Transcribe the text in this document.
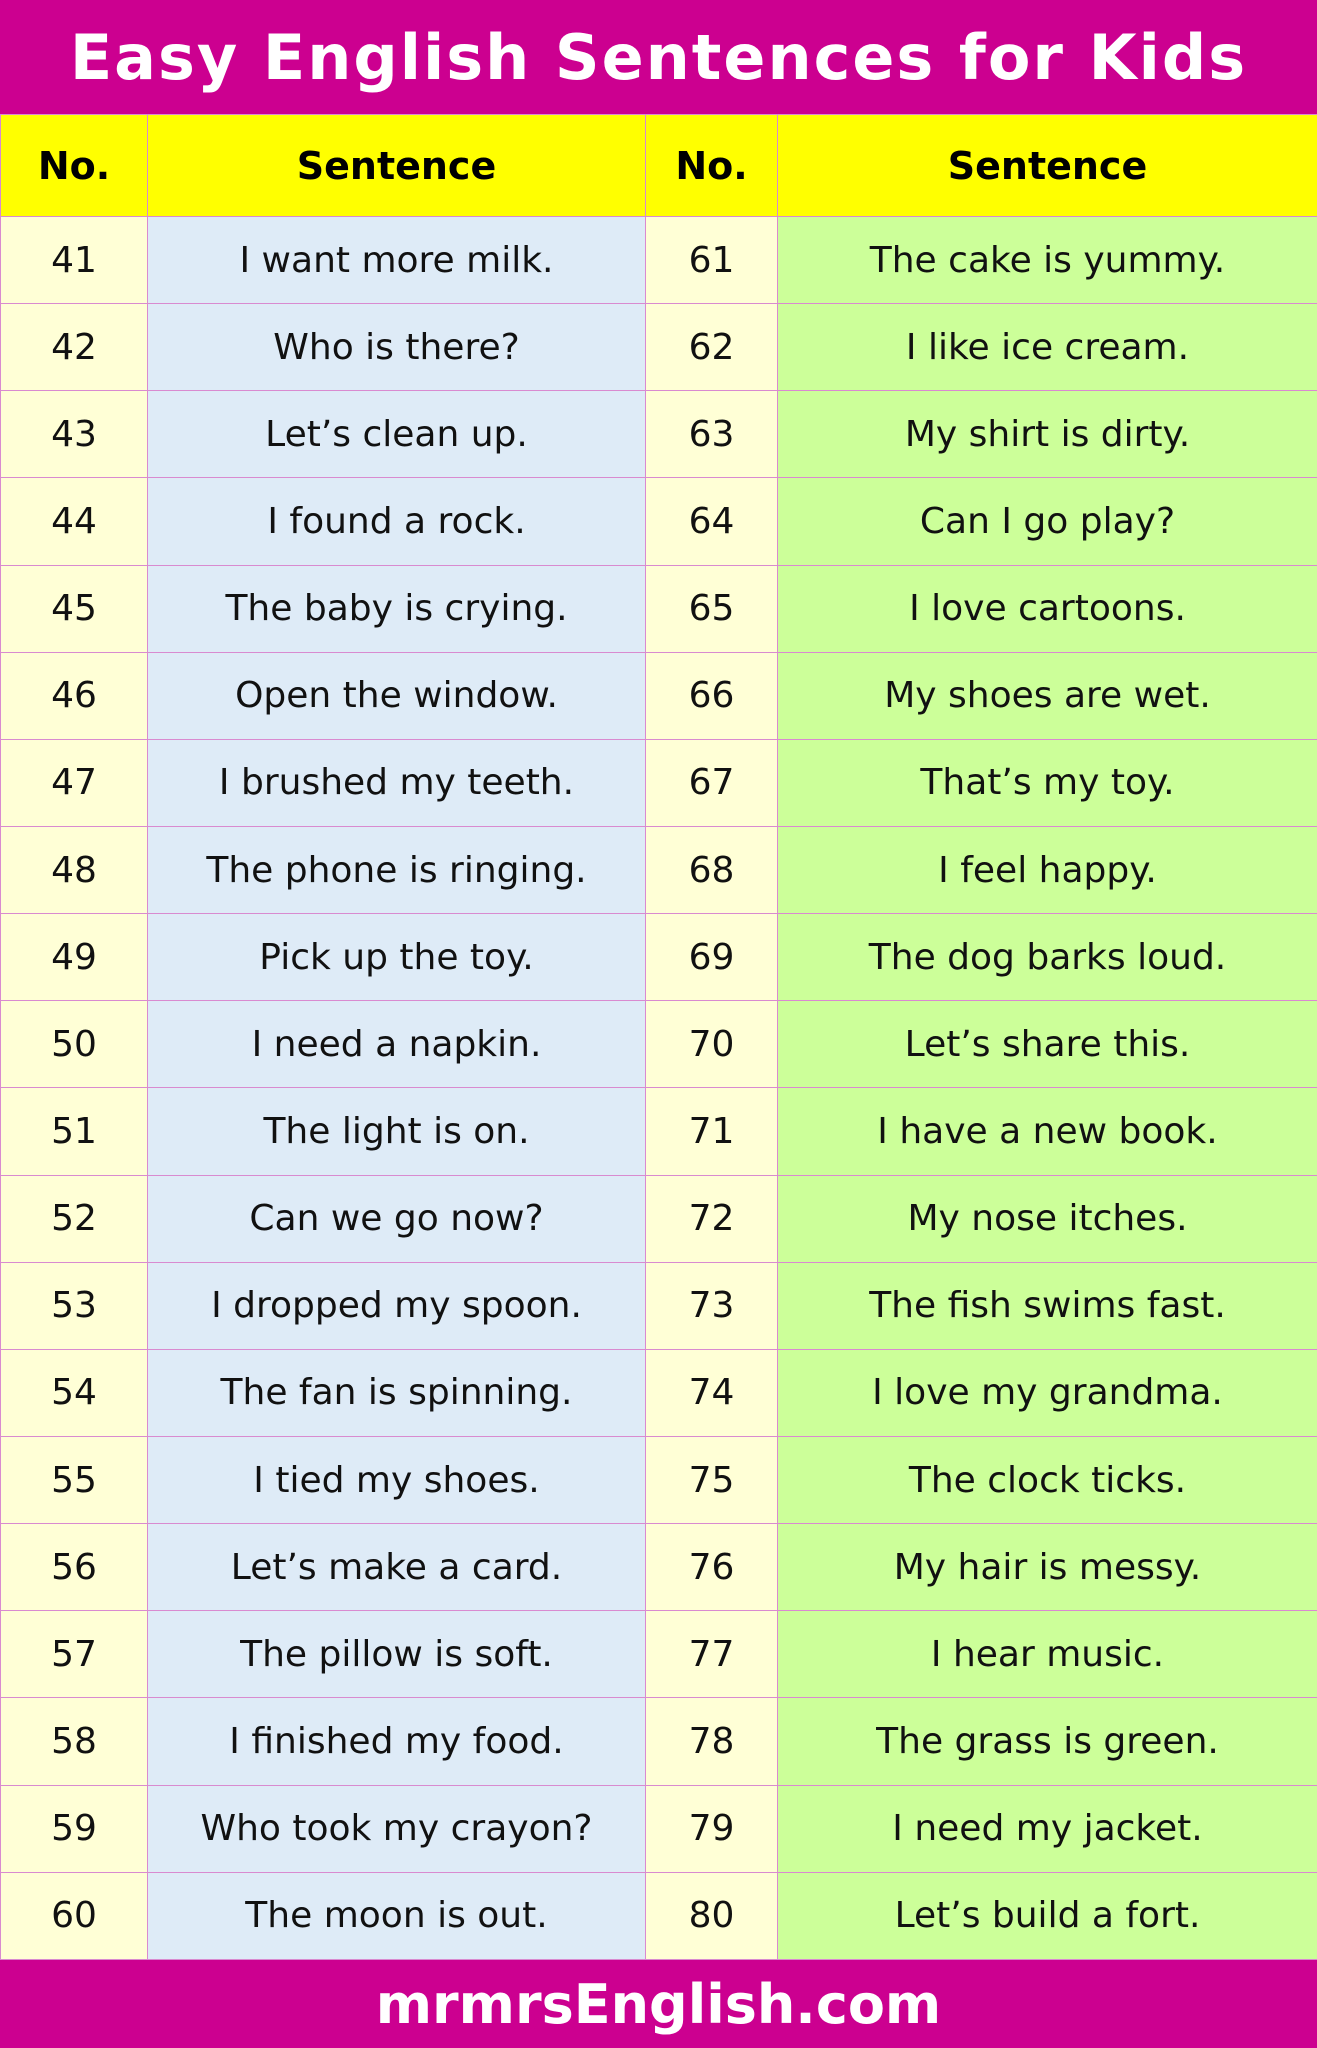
Easy English Sentences for Kids
No.	Sentence	No.	Sentence
41	I want more milk.	61	The cake is yummy.
42	Who is there?	62	I like ice cream.
43	Let’s clean up.	63	My shirt is dirty.
44	I found a rock.	64	Can I go play?
45	The baby is crying.	65	I love cartoons.
46	Open the window.	66	My shoes are wet.
47	I brushed my teeth.	67	That’s my toy.
48	The phone is ringing.	68	I feel happy.
49	Pick up the toy.	69	The dog barks loud.
50	I need a napkin.	70	Let’s share this.
51	The light is on.	71	I have a new book.
52	Can we go now?	72	My nose itches.
53	I dropped my spoon.	73	The fish swims fast.
54	The fan is spinning.	74	I love my grandma.
55	I tied my shoes.	75	The clock ticks.
56	Let’s make a card.	76	My hair is messy.
57	The pillow is soft.	77	I hear music.
58	I finished my food.	78	The grass is green.
59	Who took my crayon?	79	I need my jacket.
60	The moon is out.	80	Let’s build a fort.
mrmrsEnglish.com
